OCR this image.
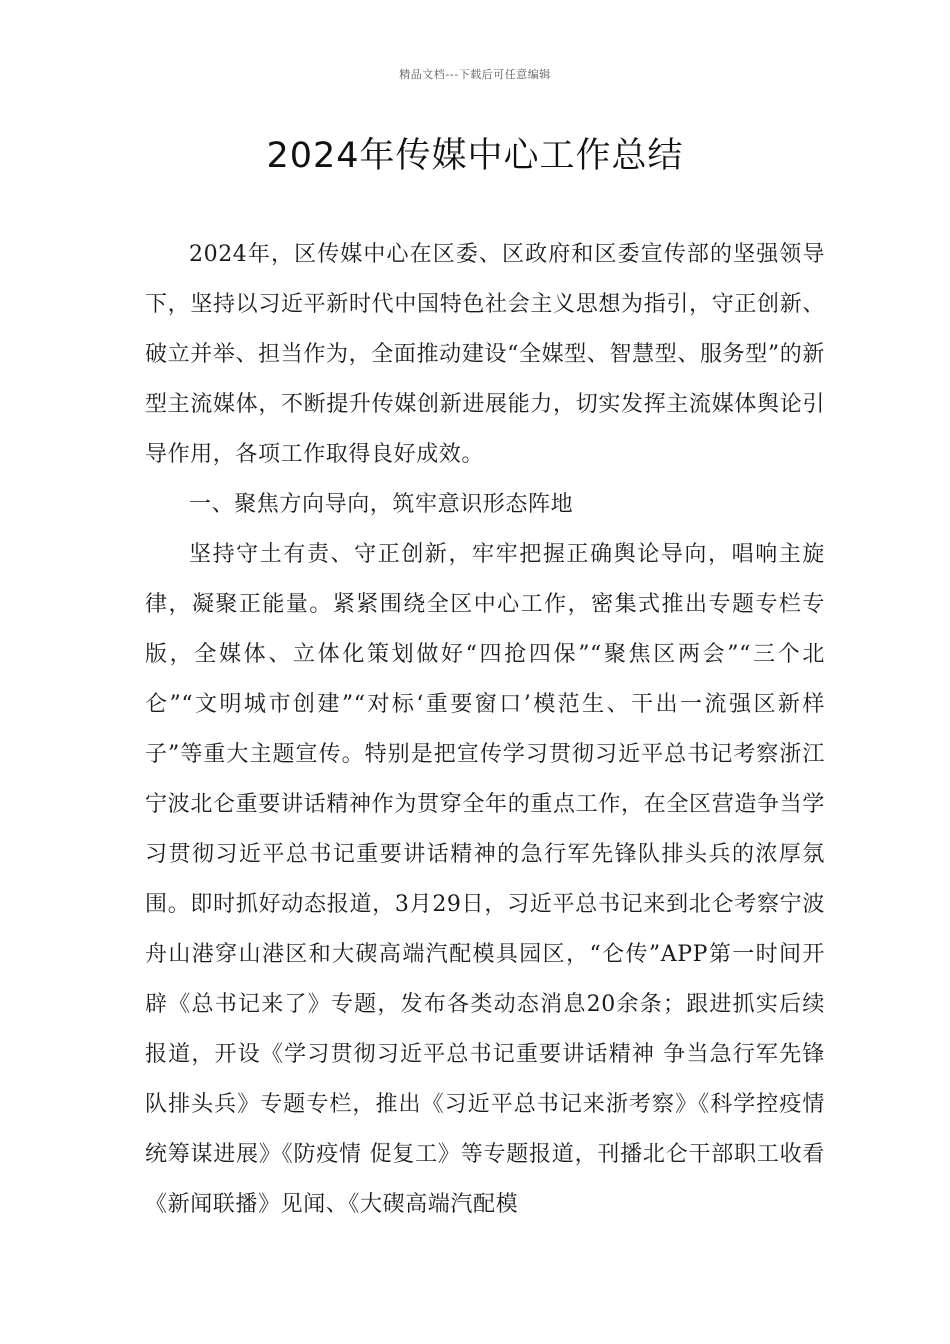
精品文档---下载后可任意编辑
2024年传媒中心工作总结

2024年，区传媒中心在区委、区政府和区委宣传部的坚强领导下，坚持以习近平新时代中国特色社会主义思想为指引，守正创新、破立并举、担当作为，全面推动建设“全媒型、智慧型、服务型”的新型主流媒体，不断提升传媒创新进展能力，切实发挥主流媒体舆论引导作用，各项工作取得良好成效。

一、聚焦方向导向，筑牢意识形态阵地

坚持守土有责、守正创新，牢牢把握正确舆论导向，唱响主旋律，凝聚正能量。紧紧围绕全区中心工作，密集式推出专题专栏专版，全媒体、立体化策划做好“四抢四保”“聚焦区两会”“三个北仑”“文明城市创建”“对标‘重要窗口’模范生、干出一流强区新样子”等重大主题宣传。特别是把宣传学习贯彻习近平总书记考察浙江宁波北仑重要讲话精神作为贯穿全年的重点工作，在全区营造争当学习贯彻习近平总书记重要讲话精神的急行军先锋队排头兵的浓厚氛围。即时抓好动态报道，3月29日，习近平总书记来到北仑考察宁波舟山港穿山港区和大碶高端汽配模具园区，“仑传”APP第一时间开辟《总书记来了》专题，发布各类动态消息20余条；跟进抓实后续报道，开设《学习贯彻习近平总书记重要讲话精神 争当急行军先锋队排头兵》专题专栏，推出《习近平总书记来浙考察》《科学控疫情 统筹谋进展》《防疫情 促复工》等专题报道，刊播北仑干部职工收看《新闻联播》见闻、《大碶高端汽配模
